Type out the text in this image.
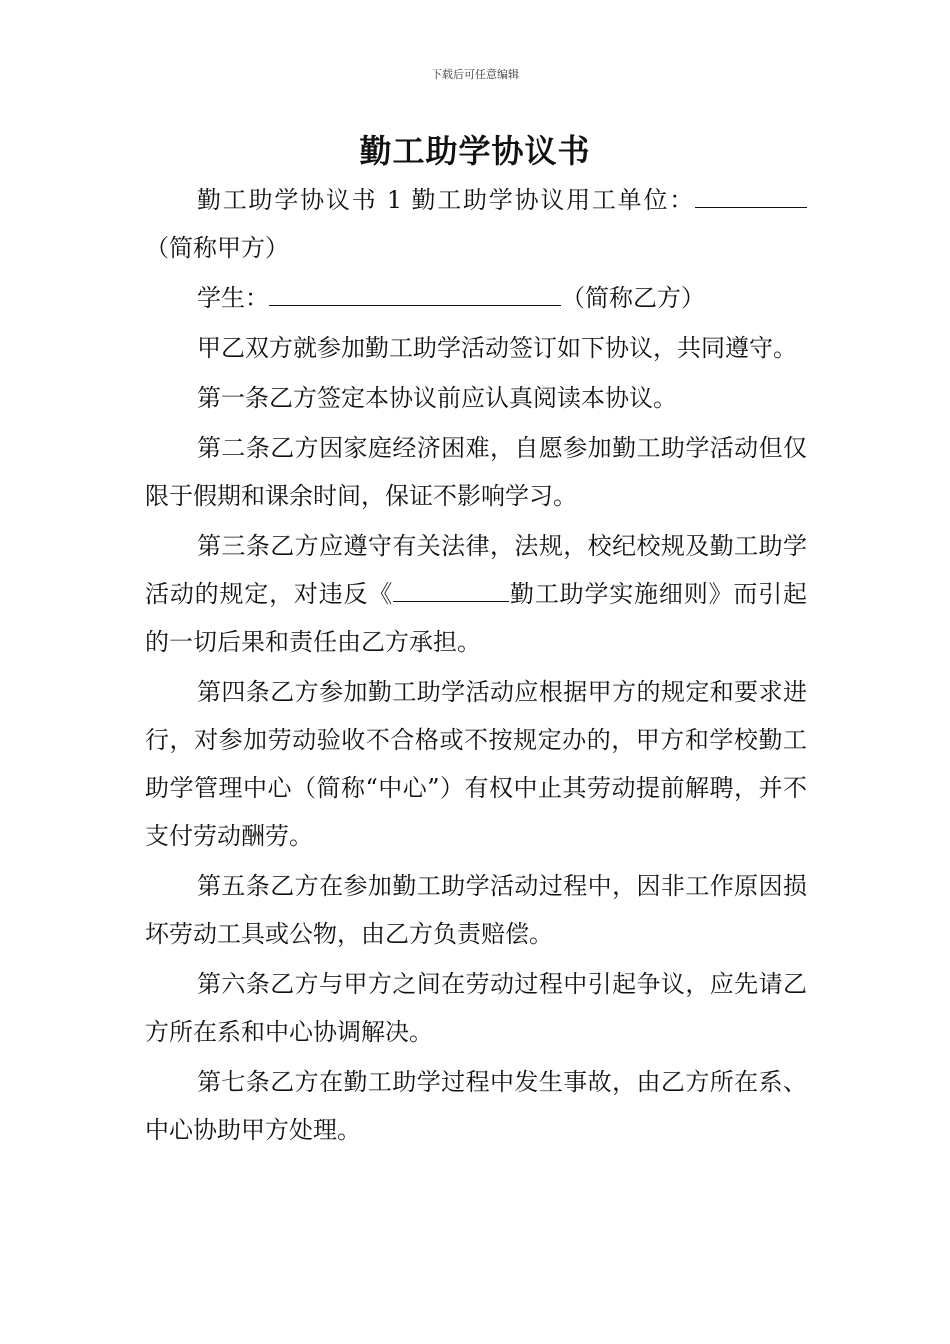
下载后可任意编辑
勤工助学协议书

勤工助学协议书 1 勤工助学协议用工单位：（简称甲方）

学生：	（简称乙方）

甲乙双方就参加勤工助学活动签订如下协议，共同遵守。

第一条乙方签定本协议前应认真阅读本协议。

第二条乙方因家庭经济困难，自愿参加勤工助学活动但仅限于假期和课余时间，保证不影响学习。

第三条乙方应遵守有关法律，法规，校纪校规及勤工助学活动的规定，对违反《	勤工助学实施细则》而引起的一切后果和责任由乙方承担。

第四条乙方参加勤工助学活动应根据甲方的规定和要求进行，对参加劳动验收不合格或不按规定办的，甲方和学校勤工助学管理中心（简称“中心”）有权中止其劳动提前解聘，并不支付劳动酬劳。

第五条乙方在参加勤工助学活动过程中，因非工作原因损坏劳动工具或公物，由乙方负责赔偿。

第六条乙方与甲方之间在劳动过程中引起争议，应先请乙方所在系和中心协调解决。

第七条乙方在勤工助学过程中发生事故，由乙方所在系、中心协助甲方处理。
